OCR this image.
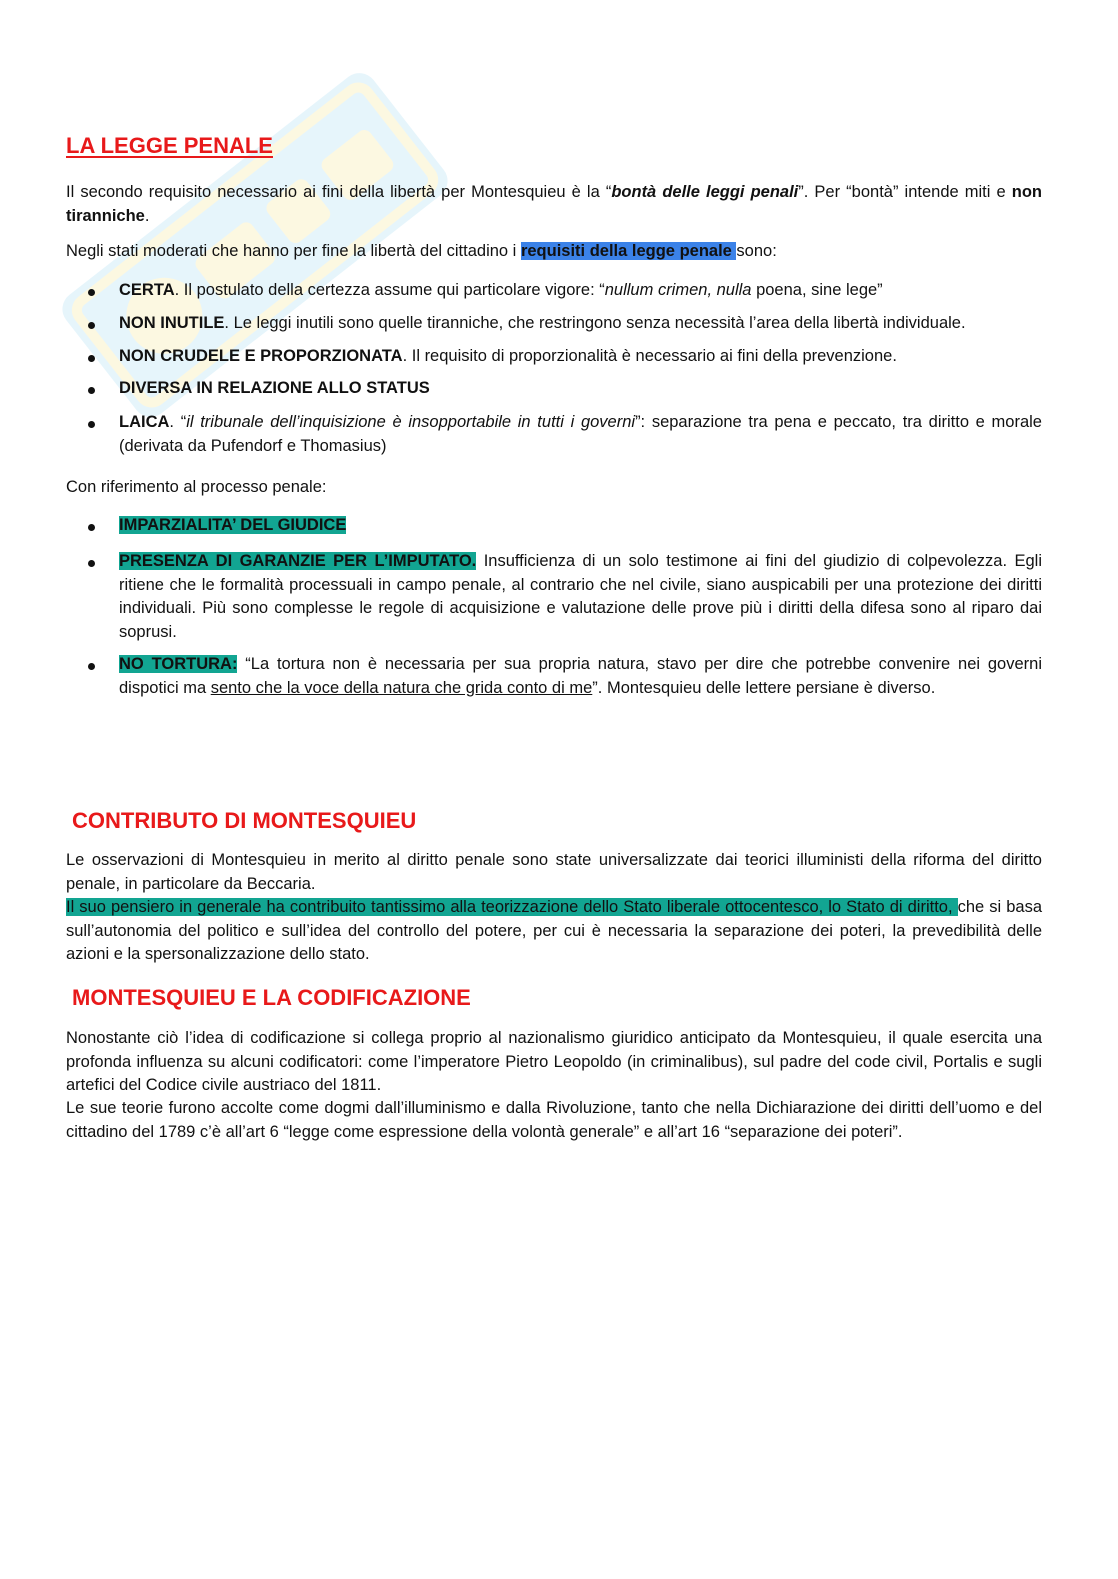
LA LEGGE PENALE

Il secondo requisito necessario ai fini della libertà per Montesquieu è la “bontà delle leggi penali”. Per “bontà” intende miti e non tiranniche.

Negli stati moderati che hanno per fine la libertà del cittadino i requisiti della legge penale sono:

CERTA. Il postulato della certezza assume qui particolare vigore: “nullum crimen, nulla poena, sine lege”
NON INUTILE. Le leggi inutili sono quelle tiranniche, che restringono senza necessità l’area della libertà individuale.
NON CRUDELE E PROPORZIONATA. Il requisito di proporzionalità è necessario ai fini della prevenzione.
DIVERSA IN RELAZIONE ALLO STATUS
LAICA. “il tribunale dell’inquisizione è insopportabile in tutti i governi”: separazione tra pena e peccato, tra diritto e morale (derivata da Pufendorf e Thomasius)

Con riferimento al processo penale:

IMPARZIALITA’ DEL GIUDICE
PRESENZA DI GARANZIE PER L’IMPUTATO. Insufficienza di un solo testimone ai fini del giudizio di colpevolezza. Egli ritiene che le formalità processuali in campo penale, al contrario che nel civile, siano auspicabili per una protezione dei diritti individuali. Più sono complesse le regole di acquisizione e valutazione delle prove più i diritti della difesa sono al riparo dai soprusi.
NO TORTURA: “La tortura non è necessaria per sua propria natura, stavo per dire che potrebbe convenire nei governi dispotici ma sento che la voce della natura che grida conto di me”. Montesquieu delle lettere persiane è diverso.
CONTRIBUTO DI MONTESQUIEU

Le osservazioni di Montesquieu in merito al diritto penale sono state universalizzate dai teorici illuministi della riforma del diritto penale, in particolare da Beccaria.

Il suo pensiero in generale ha contribuito tantissimo alla teorizzazione dello Stato liberale ottocentesco, lo Stato di diritto, che si basa sull’autonomia del politico e sull’idea del controllo del potere, per cui è necessaria la separazione dei poteri, la prevedibilità delle azioni e la spersonalizzazione dello stato.

MONTESQUIEU E LA CODIFICAZIONE

Nonostante ciò l’idea di codificazione si collega proprio al nazionalismo giuridico anticipato da Montesquieu, il quale esercita una profonda influenza su alcuni codificatori: come l’imperatore Pietro Leopoldo (in criminalibus), sul padre del code civil, Portalis e sugli artefici del Codice civile austriaco del 1811.

Le sue teorie furono accolte come dogmi dall’illuminismo e dalla Rivoluzione, tanto che nella Dichiarazione dei diritti dell’uomo e del cittadino del 1789 c’è all’art 6 “legge come espressione della volontà generale” e all’art 16 “separazione dei poteri”.
